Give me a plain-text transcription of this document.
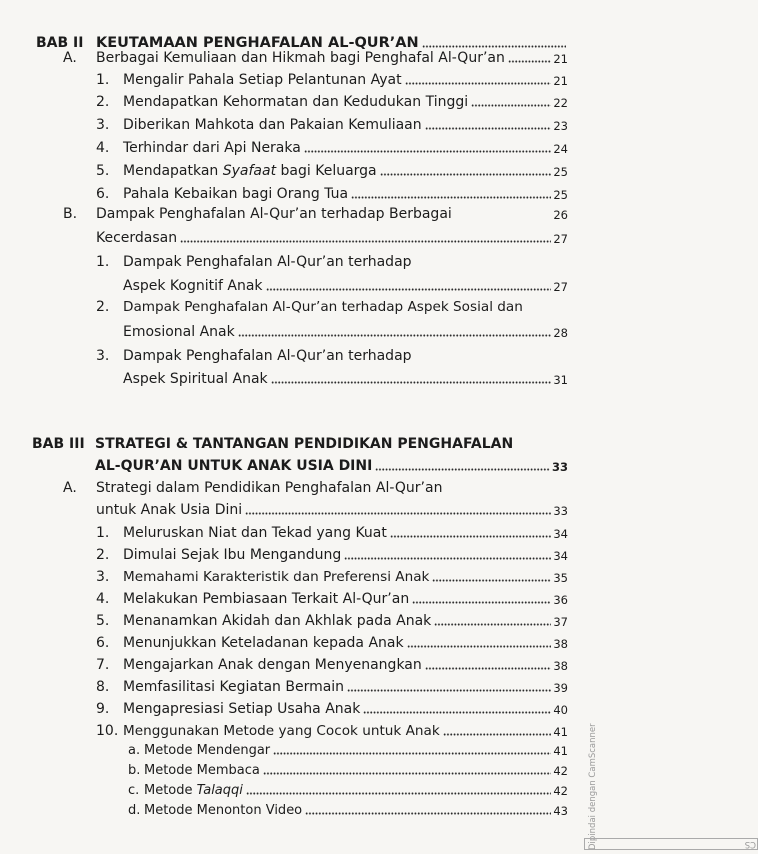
BAB II KEUTAMAAN PENGHAFALAN AL-QUR’AN
A.	Berbagai Kemuliaan dan Hikmah bagi Penghafal Al-Qur’an	21
1. Mengalir Pahala Setiap Pelantunan Ayat	21
2. Mendapatkan Kehormatan dan Kedudukan Tinggi	22
3. Diberikan Mahkota dan Pakaian Kemuliaan	23
4. Terhindar dari Api Neraka	24
5. Mendapatkan Syafaat bagi Keluarga	25
6. Pahala Kebaikan bagi Orang Tua	25
B.	Dampak Penghafalan Al-Qur’an terhadap Berbagai	26
Kecerdasan	27
1. Dampak Penghafalan Al-Qur’an terhadap
Aspek Kognitif Anak	27
2.	Dampak Penghafalan Al-Qur’an terhadap Aspek Sosial dan
Emosional Anak	28
3. Dampak Penghafalan Al-Qur’an terhadap
Aspek Spiritual Anak	31
BAB III STRATEGI & TANTANGAN PENDIDIKAN PENGHAFALAN
AL-QUR’AN UNTUK ANAK USIA DINI	33
A.	Strategi dalam Pendidikan Penghafalan Al-Qur’an
untuk Anak Usia Dini	33
1. Meluruskan Niat dan Tekad yang Kuat	34
2. Dimulai Sejak Ibu Mengandung	34
3.	Memahami Karakteristik dan Preferensi Anak	35
4. Melakukan Pembiasaan Terkait Al-Qur’an	36
5. Menanamkan Akidah dan Akhlak pada Anak	37
6. Menunjukkan Keteladanan kepada Anak	38
7. Mengajarkan Anak dengan Menyenangkan	38
8. Memfasilitasi Kegiatan Bermain	39
9. Mengapresiasi Setiap Usaha Anak	40
10. Menggunakan Metode yang Cocok untuk Anak	41
a. Metode Mendengar	41
b. Metode Membaca	42
c. Metode Talaqqi	42
d. Metode Menonton Video	43
CS
Dipindai dengan CamScanner
